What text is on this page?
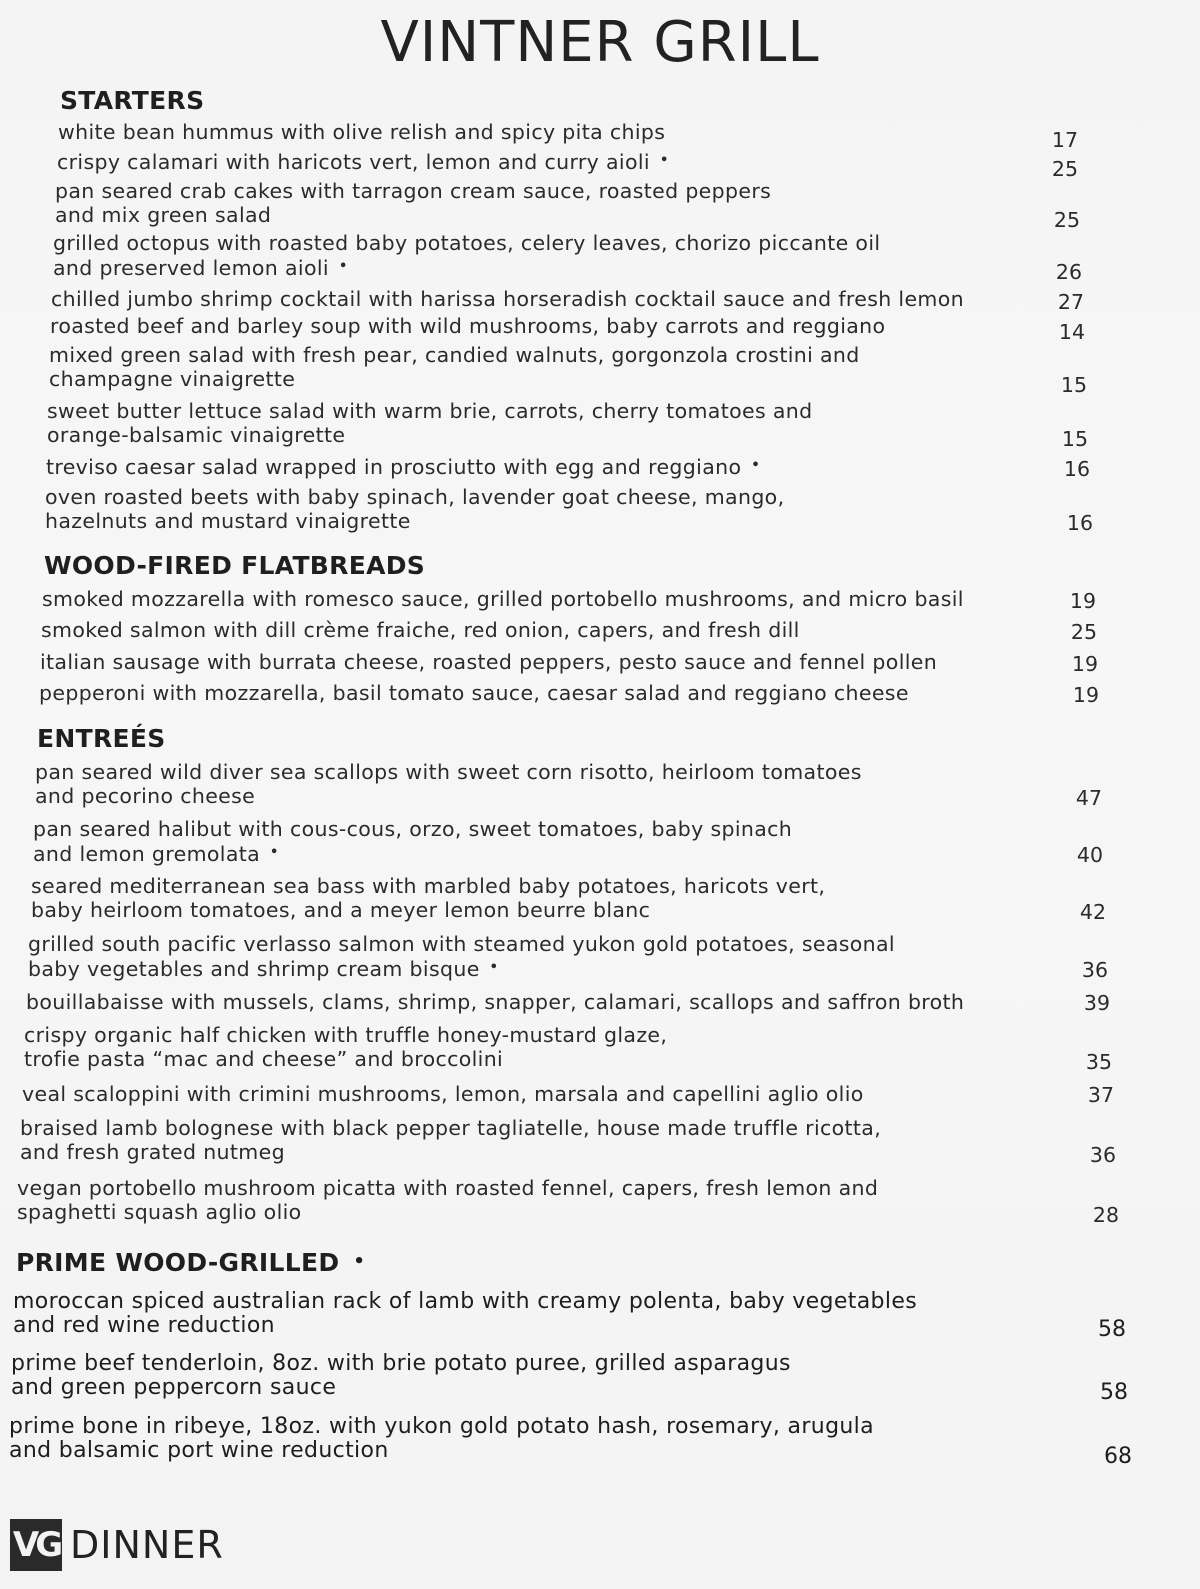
VINTNER GRILL
STARTERS
white bean hummus with olive relish and spicy pita chips	17
crispy calamari with haricots vert, lemon and curry aioli •	25
pan seared crab cakes with tarragon cream sauce, roasted peppers
and mix green salad	25
grilled octopus with roasted baby potatoes, celery leaves, chorizo piccante oil
and preserved lemon aioli •	26
chilled jumbo shrimp cocktail with harissa horseradish cocktail sauce and fresh lemon	27
roasted beef and barley soup with wild mushrooms, baby carrots and reggiano	14
mixed green salad with fresh pear, candied walnuts, gorgonzola crostini and
champagne vinaigrette	15
sweet butter lettuce salad with warm brie, carrots, cherry tomatoes and
orange-balsamic vinaigrette	15
treviso caesar salad wrapped in prosciutto with egg and reggiano •	16
oven roasted beets with baby spinach, lavender goat cheese, mango,
hazelnuts and mustard vinaigrette	16
WOOD-FIRED FLATBREADS
smoked mozzarella with romesco sauce, grilled portobello mushrooms, and micro basil	19
smoked salmon with dill crème fraiche, red onion, capers, and fresh dill	25
italian sausage with burrata cheese, roasted peppers, pesto sauce and fennel pollen	19
pepperoni with mozzarella, basil tomato sauce, caesar salad and reggiano cheese	19
ENTREÉS
pan seared wild diver sea scallops with sweet corn risotto, heirloom tomatoes
and pecorino cheese	47
pan seared halibut with cous-cous, orzo, sweet tomatoes, baby spinach
and lemon gremolata •	40
seared mediterranean sea bass with marbled baby potatoes, haricots vert,
baby heirloom tomatoes, and a meyer lemon beurre blanc	42
grilled south pacific verlasso salmon with steamed yukon gold potatoes, seasonal
baby vegetables and shrimp cream bisque •	36
bouillabaisse with mussels, clams, shrimp, snapper, calamari, scallops and saffron broth	39
crispy organic half chicken with truffle honey-mustard glaze,
trofie pasta “mac and cheese” and broccolini	35
veal scaloppini with crimini mushrooms, lemon, marsala and capellini aglio olio	37
braised lamb bolognese with black pepper tagliatelle, house made truffle ricotta,
and fresh grated nutmeg	36
vegan portobello mushroom picatta with roasted fennel, capers, fresh lemon and
spaghetti squash aglio olio	28
PRIME WOOD-GRILLED •
moroccan spiced australian rack of lamb with creamy polenta, baby vegetables
and red wine reduction	58
prime beef tenderloin, 8oz. with brie potato puree, grilled asparagus
and green peppercorn sauce	58
prime bone in ribeye, 18oz. with yukon gold potato hash, rosemary, arugula
and balsamic port wine reduction	68
VG DINNER
